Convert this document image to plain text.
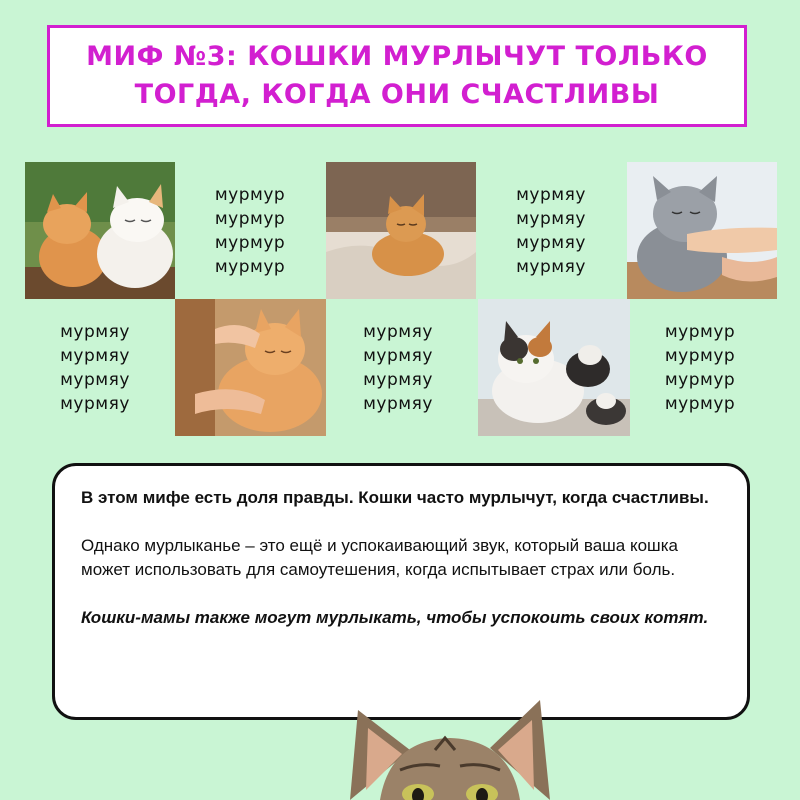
МИФ №3: КОШКИ МУРЛЫЧУТ ТОЛЬКО
ТОГДА, КОГДА ОНИ СЧАСТЛИВЫ
мурмур
мурмур
мурмур
мурмур
мурмяу
мурмяу
мурмяу
мурмяу
мурмяу
мурмяу
мурмяу
мурмяу
мурмяу
мурмяу
мурмяу
мурмяу
мурмур
мурмур
мурмур
мурмур

В этом мифе есть доля правды. Кошки часто мурлычут, когда счастливы.

Однако мурлыканье – это ещё и успокаивающий звук, который ваша кошка может использовать для самоутешения, когда испытывает страх или боль.

Кошки-мамы также могут мурлыкать, чтобы успокоить своих котят.
